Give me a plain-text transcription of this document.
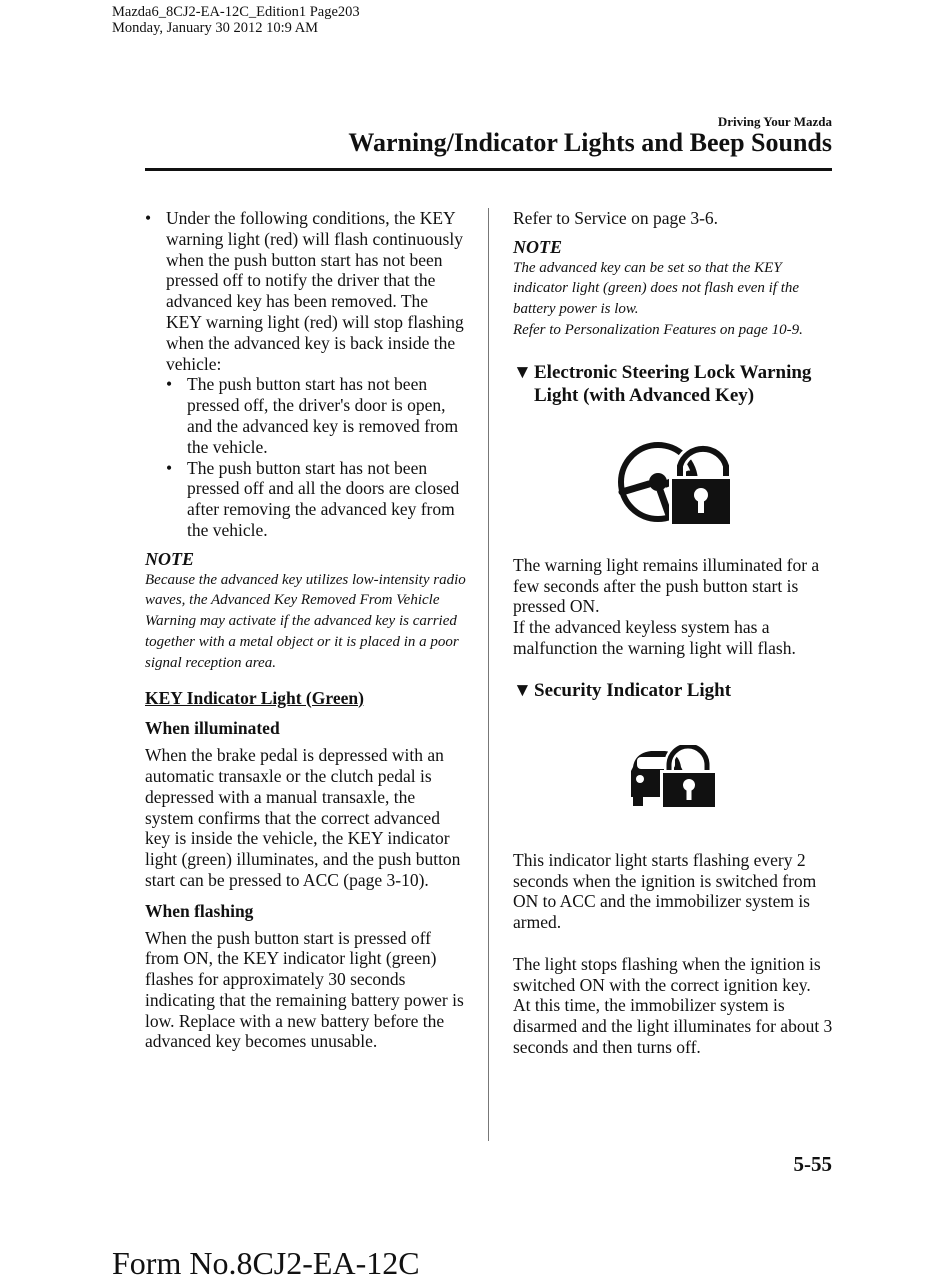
Mazda6_8CJ2-EA-12C_Edition1 Page203
Monday, January 30 2012 10:9 AM
Driving Your Mazda
Warning/Indicator Lights and Beep Sounds
• Under the following conditions, the KEY warning light (red) will flash continuously when the push button start has not been pressed off to notify the driver that the advanced key has been removed. The KEY warning light (red) will stop flashing when the advanced key is back inside the vehicle:

• The push button start has not been pressed off, the driver's door is open, and the advanced key is removed from the vehicle.

• The push button start has not been pressed off and all the doors are closed after removing the advanced key from the vehicle.

NOTE

Because the advanced key utilizes low-intensity radio waves, the Advanced Key Removed From Vehicle Warning may activate if the advanced key is carried together with a metal object or it is placed in a poor signal reception area.

KEY Indicator Light (Green)

When illuminated

When the brake pedal is depressed with an automatic transaxle or the clutch pedal is depressed with a manual transaxle, the system confirms that the correct advanced key is inside the vehicle, the KEY indicator light (green) illuminates, and the push button start can be pressed to ACC (page 3-10).

When flashing

When the push button start is pressed off from ON, the KEY indicator light (green) flashes for approximately 30 seconds indicating that the remaining battery power is low. Replace with a new battery before the advanced key becomes unusable.

Refer to Service on page 3-6.

NOTE

The advanced key can be set so that the KEY indicator light (green) does not flash even if the battery power is low.

Refer to Personalization Features on page 10-9.

▼ Electronic Steering Lock Warning Light (with Advanced Key)

The warning light remains illuminated for a few seconds after the push button start is pressed ON.

If the advanced keyless system has a malfunction the warning light will flash.

▼ Security Indicator Light

This indicator light starts flashing every 2 seconds when the ignition is switched from ON to ACC and the immobilizer system is armed.

The light stops flashing when the ignition is switched ON with the correct ignition key.

At this time, the immobilizer system is disarmed and the light illuminates for about 3 seconds and then turns off.

5-55
Form No.8CJ2-EA-12C
